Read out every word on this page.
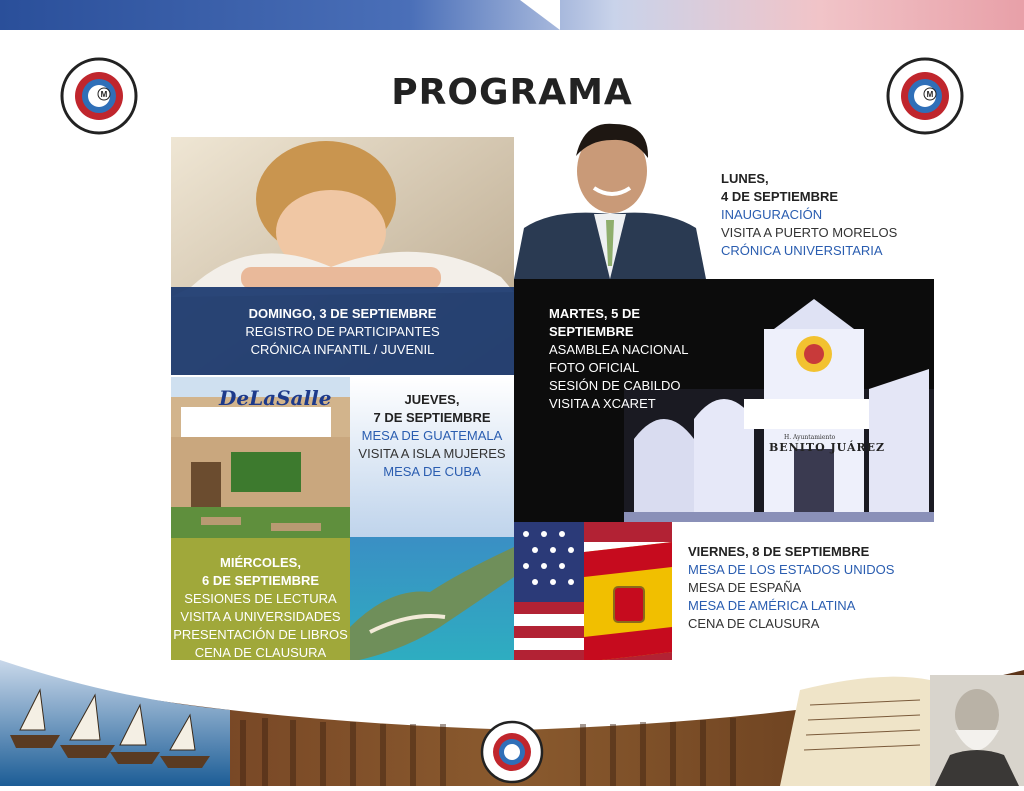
M	M
PROGRAMA
DOMINGO, 3 DE SEPTIEMBRE
REGISTRO DE PARTICIPANTES
CRÓNICA INFANTIL / JUVENIL
LUNES,
4 DE SEPTIEMBRE
INAUGURACIÓN
VISITA A PUERTO MORELOS
CRÓNICA UNIVERSITARIA
H. Ayuntamiento
BENITO JUÁREZ
MARTES, 5 DE
SEPTIEMBRE
ASAMBLEA NACIONAL
FOTO OFICIAL
SESIÓN DE CABILDO
VISITA A XCARET
DeLaSalle
MIÉRCOLES,
6 DE SEPTIEMBRE
SESIONES DE LECTURA
VISITA A UNIVERSIDADES
PRESENTACIÓN DE LIBROS
CENA DE CLAUSURA
JUEVES,
7 DE SEPTIEMBRE
MESA DE GUATEMALA
VISITA A ISLA MUJERES
MESA DE CUBA
VIERNES, 8 DE SEPTIEMBRE
MESA DE LOS ESTADOS UNIDOS
MESA DE ESPAÑA
MESA DE AMÉRICA LATINA
CENA DE CLAUSURA
